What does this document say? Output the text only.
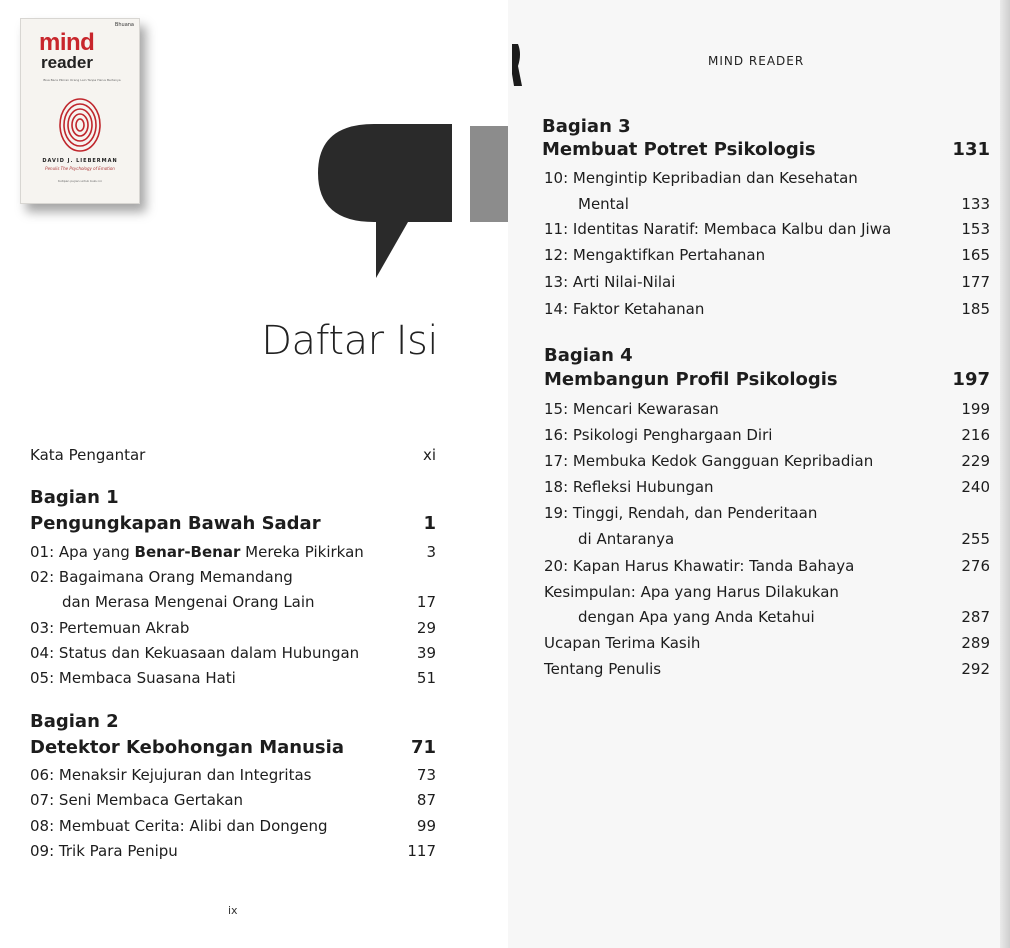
Bhuana
mind
reader
Bisa Baca Pikiran Orang Lain Tanpa Harus Bertanya
DAVID J. LIEBERMAN
Penulis The Psychology of Emotion
Kutipan pujian untuk buku ini
Daftar Isi
Kata Pengantar	xi
Bagian 1
Pengungkapan Bawah Sadar	1
01: Apa yang Benar-Benar Mereka Pikirkan	3
02: Bagaimana Orang Memandang
dan Merasa Mengenai Orang Lain	17
03: Pertemuan Akrab	29
04: Status dan Kekuasaan dalam Hubungan	39
05: Membaca Suasana Hati	51
Bagian 2
Detektor Kebohongan Manusia	71
06: Menaksir Kejujuran dan Integritas	73
07: Seni Membaca Gertakan	87
08: Membuat Cerita: Alibi dan Dongeng	99
09: Trik Para Penipu	117
ix
MIND READER
Bagian 3
Membuat Potret Psikologis	131
10: Mengintip Kepribadian dan Kesehatan
Mental	133
11: Identitas Naratif: Membaca Kalbu dan Jiwa	153
12: Mengaktifkan Pertahanan	165
13: Arti Nilai-Nilai	177
14: Faktor Ketahanan	185
Bagian 4
Membangun Profil Psikologis	197
15: Mencari Kewarasan	199
16: Psikologi Penghargaan Diri	216
17: Membuka Kedok Gangguan Kepribadian	229
18: Refleksi Hubungan	240
19: Tinggi, Rendah, dan Penderitaan
di Antaranya	255
20: Kapan Harus Khawatir: Tanda Bahaya	276
Kesimpulan: Apa yang Harus Dilakukan
dengan Apa yang Anda Ketahui	287
Ucapan Terima Kasih	289
Tentang Penulis	292
